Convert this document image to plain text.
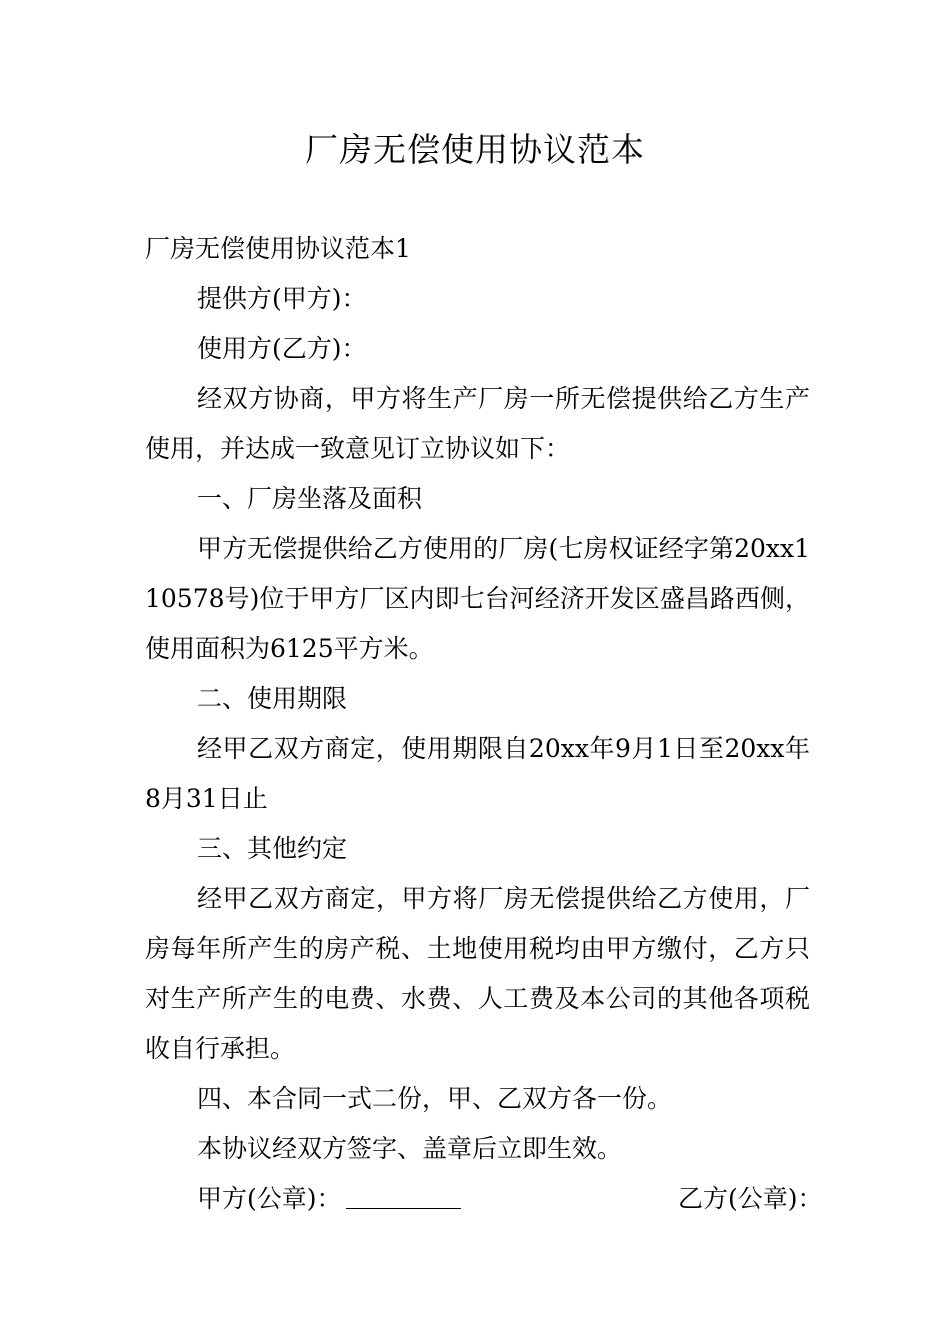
厂房无偿使用协议范本

厂房无偿使用协议范本1

提供方(甲方)：

使用方(乙方)：

经双方协商，甲方将生产厂房一所无偿提供给乙方生产使用，并达成一致意见订立协议如下：

一、厂房坐落及面积

甲方无偿提供给乙方使用的厂房(七房权证经字第20xx110578号)位于甲方厂区内即七台河经济开发区盛昌路西侧，使用面积为6125平方米。

二、使用期限

经甲乙双方商定，使用期限自20xx年9月1日至20xx年8月31日止

三、其他约定

经甲乙双方商定，甲方将厂房无偿提供给乙方使用，厂房每年所产生的房产税、土地使用税均由甲方缴付，乙方只对生产所产生的电费、水费、人工费及本公司的其他各项税收自行承担。

四、本合同一式二份，甲、乙双方各一份。

本协议经双方签字、盖章后立即生效。

甲方(公章)：	乙方(公章)：
